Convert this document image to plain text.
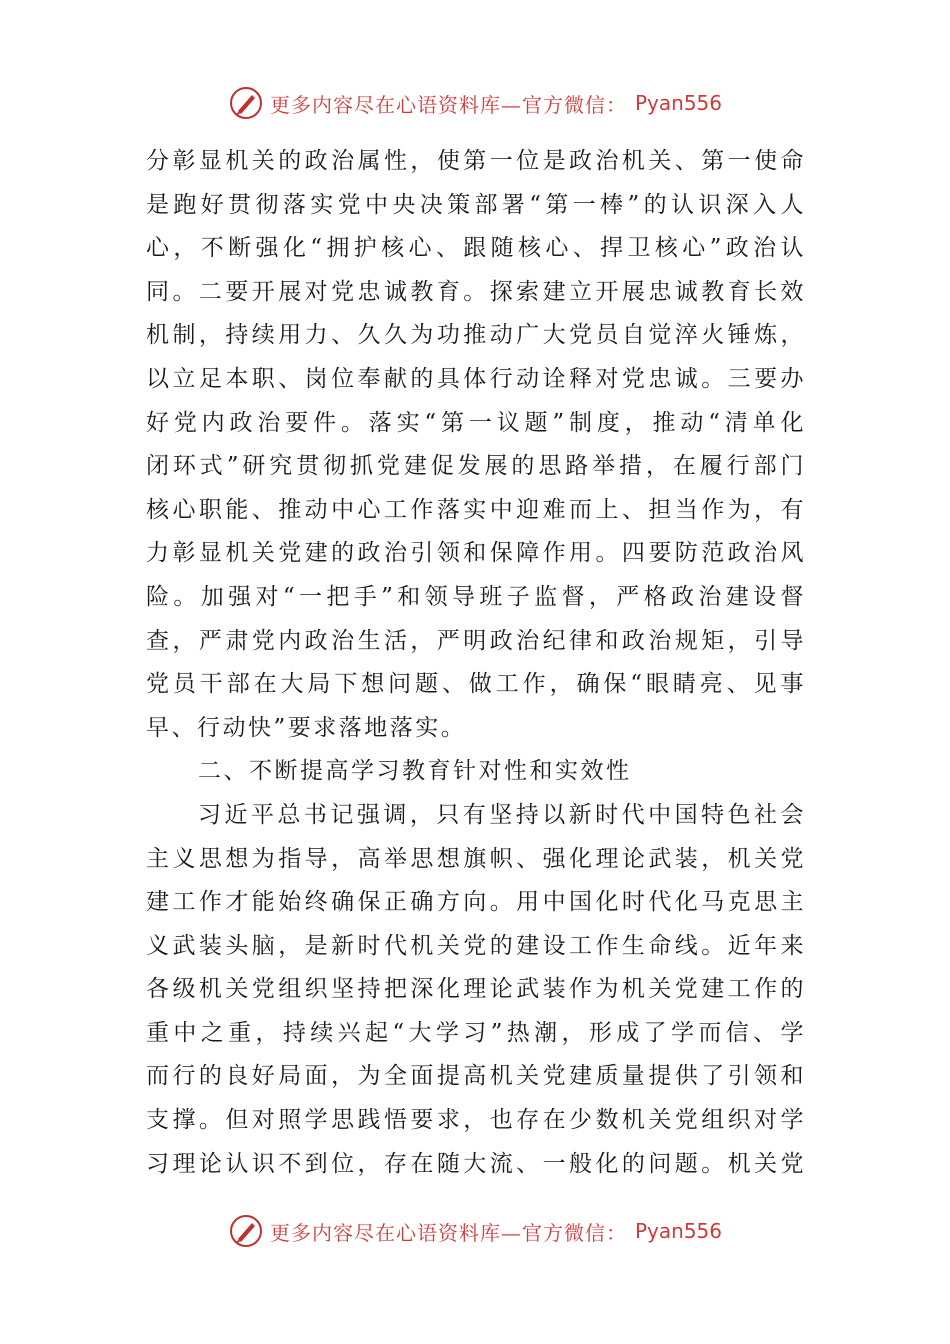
更多内容尽在心语资料库—官方微信： Pyan556

分彰显机关的政治属性，使第一位是政治机关、第一使命
是跑好贯彻落实党中央决策部署“第一棒”的认识深入人
心，不断强化“拥护核心、跟随核心、捍卫核心”政治认
同。二要开展对党忠诚教育。探索建立开展忠诚教育长效
机制，持续用力、久久为功推动广大党员自觉淬火锤炼，
以立足本职、岗位奉献的具体行动诠释对党忠诚。三要办
好党内政治要件。落实“第一议题”制度，推动“清单化
闭环式”研究贯彻抓党建促发展的思路举措，在履行部门
核心职能、推动中心工作落实中迎难而上、担当作为，有
力彰显机关党建的政治引领和保障作用。四要防范政治风
险。加强对“一把手”和领导班子监督，严格政治建设督
查，严肃党内政治生活，严明政治纪律和政治规矩，引导
党员干部在大局下想问题、做工作，确保“眼睛亮、见事
早、行动快”要求落地落实。

二、不断提高学习教育针对性和实效性

习近平总书记强调，只有坚持以新时代中国特色社会
主义思想为指导，高举思想旗帜、强化理论武装，机关党
建工作才能始终确保正确方向。用中国化时代化马克思主
义武装头脑，是新时代机关党的建设工作生命线。近年来
各级机关党组织坚持把深化理论武装作为机关党建工作的
重中之重，持续兴起“大学习”热潮，形成了学而信、学
而行的良好局面，为全面提高机关党建质量提供了引领和
支撑。但对照学思践悟要求，也存在少数机关党组织对学
习理论认识不到位，存在随大流、一般化的问题。机关党

更多内容尽在心语资料库—官方微信： Pyan556
